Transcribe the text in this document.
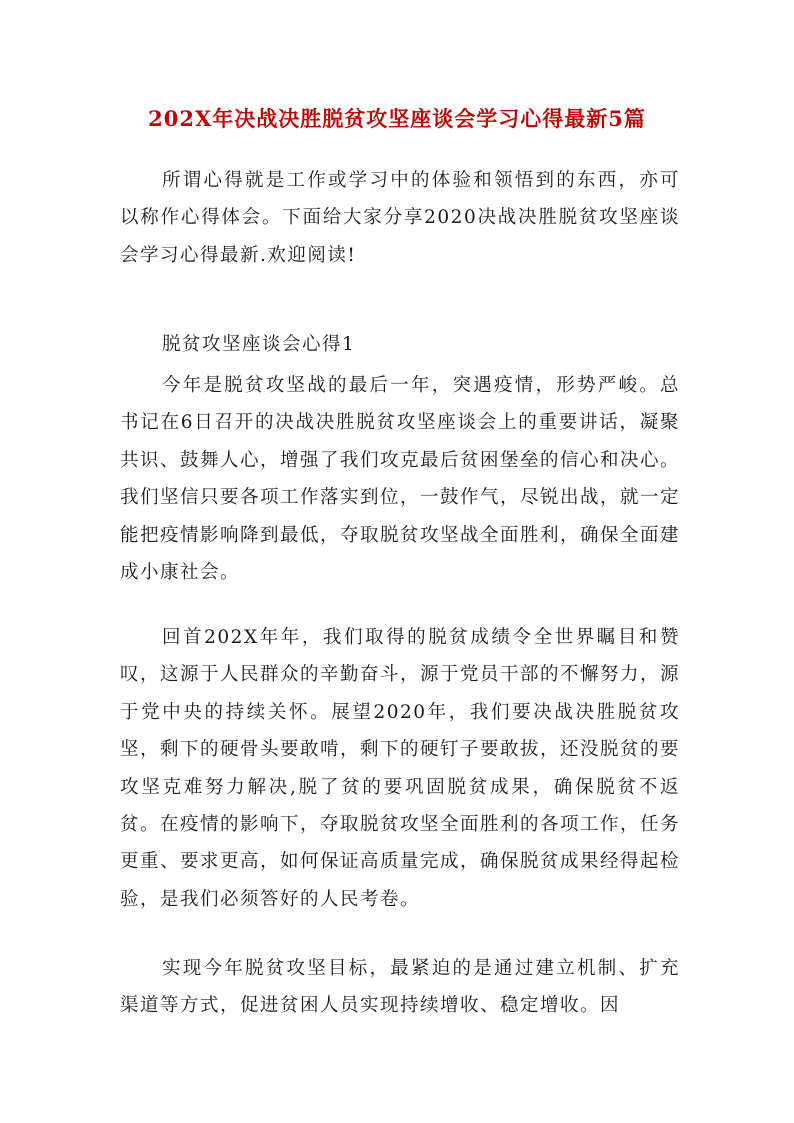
202X年决战决胜脱贫攻坚座谈会学习心得最新5篇
所谓心得就是工作或学习中的体验和领悟到的东西，亦可以称作心得体会。下面给大家分享2020决战决胜脱贫攻坚座谈会学习心得最新.欢迎阅读!
脱贫攻坚座谈会心得1
今年是脱贫攻坚战的最后一年，突遇疫情，形势严峻。总书记在6日召开的决战决胜脱贫攻坚座谈会上的重要讲话，凝聚共识、鼓舞人心，增强了我们攻克最后贫困堡垒的信心和决心。我们坚信只要各项工作落实到位，一鼓作气，尽锐出战，就一定能把疫情影响降到最低，夺取脱贫攻坚战全面胜利，确保全面建成小康社会。
回首202X年年，我们取得的脱贫成绩令全世界瞩目和赞叹，这源于人民群众的辛勤奋斗，源于党员干部的不懈努力，源于党中央的持续关怀。展望2020年，我们要决战决胜脱贫攻坚，剩下的硬骨头要敢啃，剩下的硬钉子要敢拔，还没脱贫的要攻坚克难努力解决,脱了贫的要巩固脱贫成果，确保脱贫不返贫。在疫情的影响下，夺取脱贫攻坚全面胜利的各项工作，任务更重、要求更高，如何保证高质量完成，确保脱贫成果经得起检验，是我们必须答好的人民考卷。
实现今年脱贫攻坚目标，最紧迫的是通过建立机制、扩充渠道等方式，促进贫困人员实现持续增收、稳定增收。因
